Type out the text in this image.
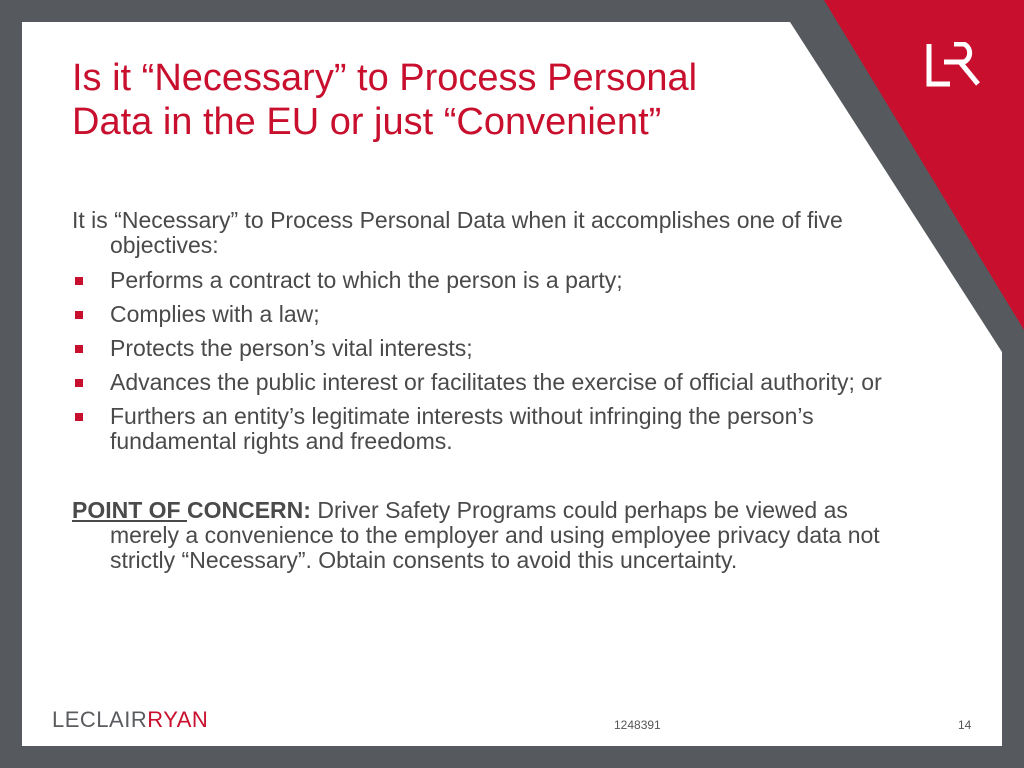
Is it “Necessary” to Process Personal
Data in the EU or just “Convenient”

It is “Necessary” to Process Personal Data when it accomplishes one of five objectives:

Performs a contract to which the person is a party;
Complies with a law;
Protects the person’s vital interests;
Advances the public interest or facilitates the exercise of official authority; or
Furthers an entity’s legitimate interests without infringing the person’s fundamental rights and freedoms.

POINT OF CONCERN: Driver Safety Programs could perhaps be viewed as merely a convenience to the employer and using employee privacy data not strictly “Necessary”. Obtain consents to avoid this uncertainty.

LECLAIRRYAN	1248391	14
